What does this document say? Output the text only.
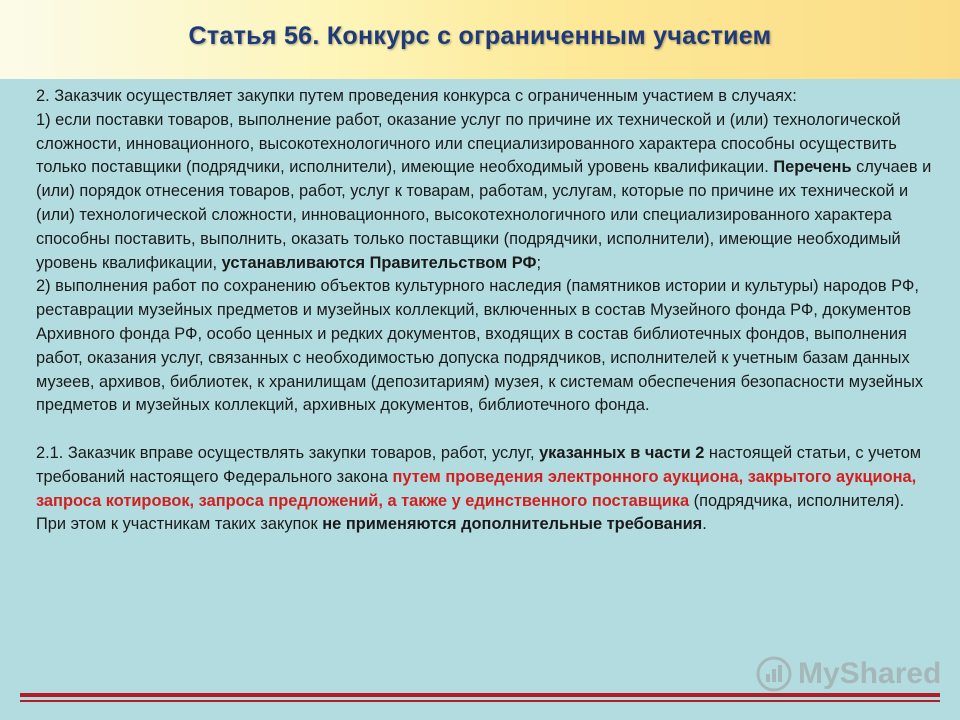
Статья 56. Конкурс с ограниченным участием

2. Заказчик осуществляет закупки путем проведения конкурса с ограниченным участием в случаях:

1) если поставки товаров, выполнение работ, оказание услуг по причине их технической и (или) технологической сложности, инновационного, высокотехнологичного или специализированного характера способны осуществить только поставщики (подрядчики, исполнители), имеющие необходимый уровень квалификации. Перечень случаев и (или) порядок отнесения товаров, работ, услуг к товарам, работам, услугам, которые по причине их технической и (или) технологической сложности, инновационного, высокотехнологичного или специализированного характера способны поставить, выполнить, оказать только поставщики (подрядчики, исполнители), имеющие необходимый уровень квалификации, устанавливаются Правительством РФ;

2) выполнения работ по сохранению объектов культурного наследия (памятников истории и культуры) народов РФ, реставрации музейных предметов и музейных коллекций, включенных в состав Музейного фонда РФ, документов Архивного фонда РФ, особо ценных и редких документов, входящих в состав библиотечных фондов, выполнения работ, оказания услуг, связанных с необходимостью допуска подрядчиков, исполнителей к учетным базам данных музеев, архивов, библиотек, к хранилищам (депозитариям) музея, к системам обеспечения безопасности музейных предметов и музейных коллекций, архивных документов, библиотечного фонда.

2.1. Заказчик вправе осуществлять закупки товаров, работ, услуг, указанных в части 2 настоящей статьи, с учетом требований настоящего Федерального закона путем проведения электронного аукциона, закрытого аукциона, запроса котировок, запроса предложений, а также у единственного поставщика (подрядчика, исполнителя). При этом к участникам таких закупок не применяются дополнительные требования.

MyShared
